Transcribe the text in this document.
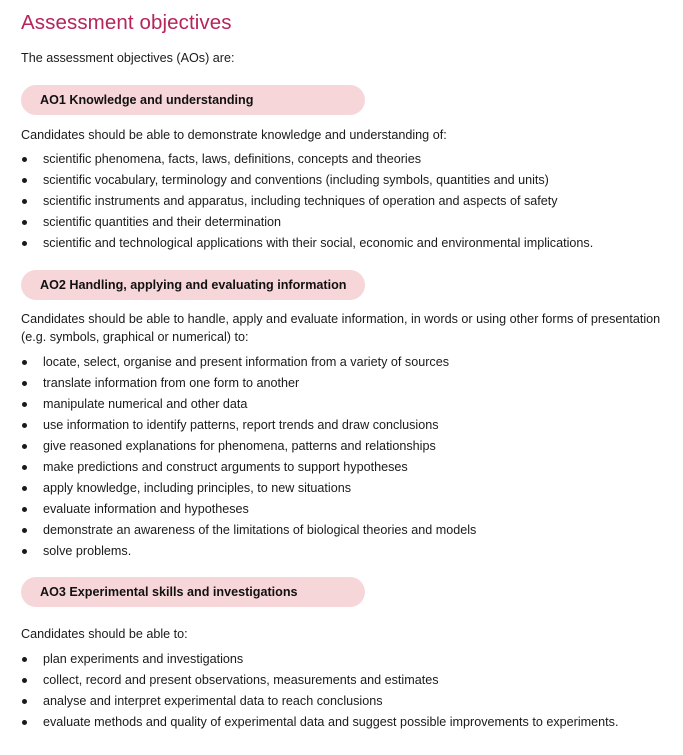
Assessment objectives
The assessment objectives (AOs) are:
AO1 Knowledge and understanding
Candidates should be able to demonstrate knowledge and understanding of:
scientific phenomena, facts, laws, definitions, concepts and theories
scientific vocabulary, terminology and conventions (including symbols, quantities and units)
scientific instruments and apparatus, including techniques of operation and aspects of safety
scientific quantities and their determination
scientific and technological applications with their social, economic and environmental implications.
AO2 Handling, applying and evaluating information
Candidates should be able to handle, apply and evaluate information, in words or using other forms of presentation (e.g. symbols, graphical or numerical) to:
locate, select, organise and present information from a variety of sources
translate information from one form to another
manipulate numerical and other data
use information to identify patterns, report trends and draw conclusions
give reasoned explanations for phenomena, patterns and relationships
make predictions and construct arguments to support hypotheses
apply knowledge, including principles, to new situations
evaluate information and hypotheses
demonstrate an awareness of the limitations of biological theories and models
solve problems.
AO3 Experimental skills and investigations
Candidates should be able to:
plan experiments and investigations
collect, record and present observations, measurements and estimates
analyse and interpret experimental data to reach conclusions
evaluate methods and quality of experimental data and suggest possible improvements to experiments.
